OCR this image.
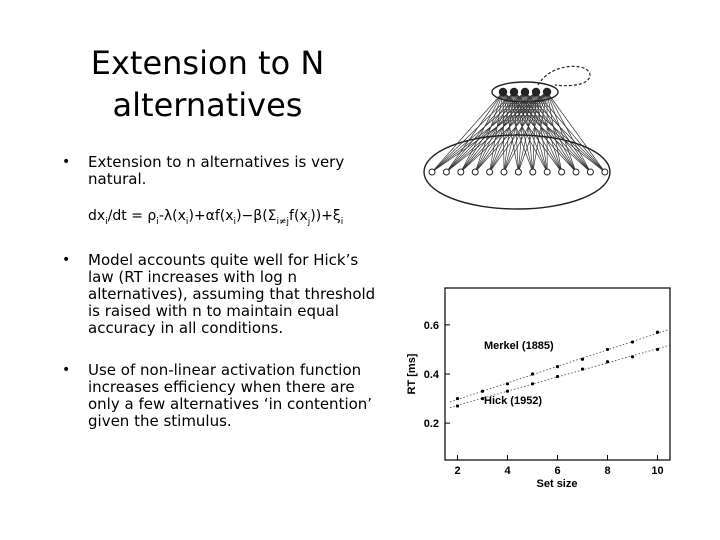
Extension to N alternatives
• Extension to n alternatives is very natural.
$dx_i/dt = \rho_i-\lambda(x_i)+\alpha f(x_i)-\beta(\Sigma_{i\ne j}f(x_j))+\xi_i$
• Model accounts quite well for Hick’s law (RT increases with log n alternatives), assuming that threshold is raised with n to maintain equal accuracy in all conditions.
• Use of non-linear activation function increases efficiency when there are only a few alternatives ‘in contention’ given the stimulus.
2	4	6	8	10
0.2
0.4
0.6
Set size
RT [ms]
Merkel (1885)
Hick (1952)
